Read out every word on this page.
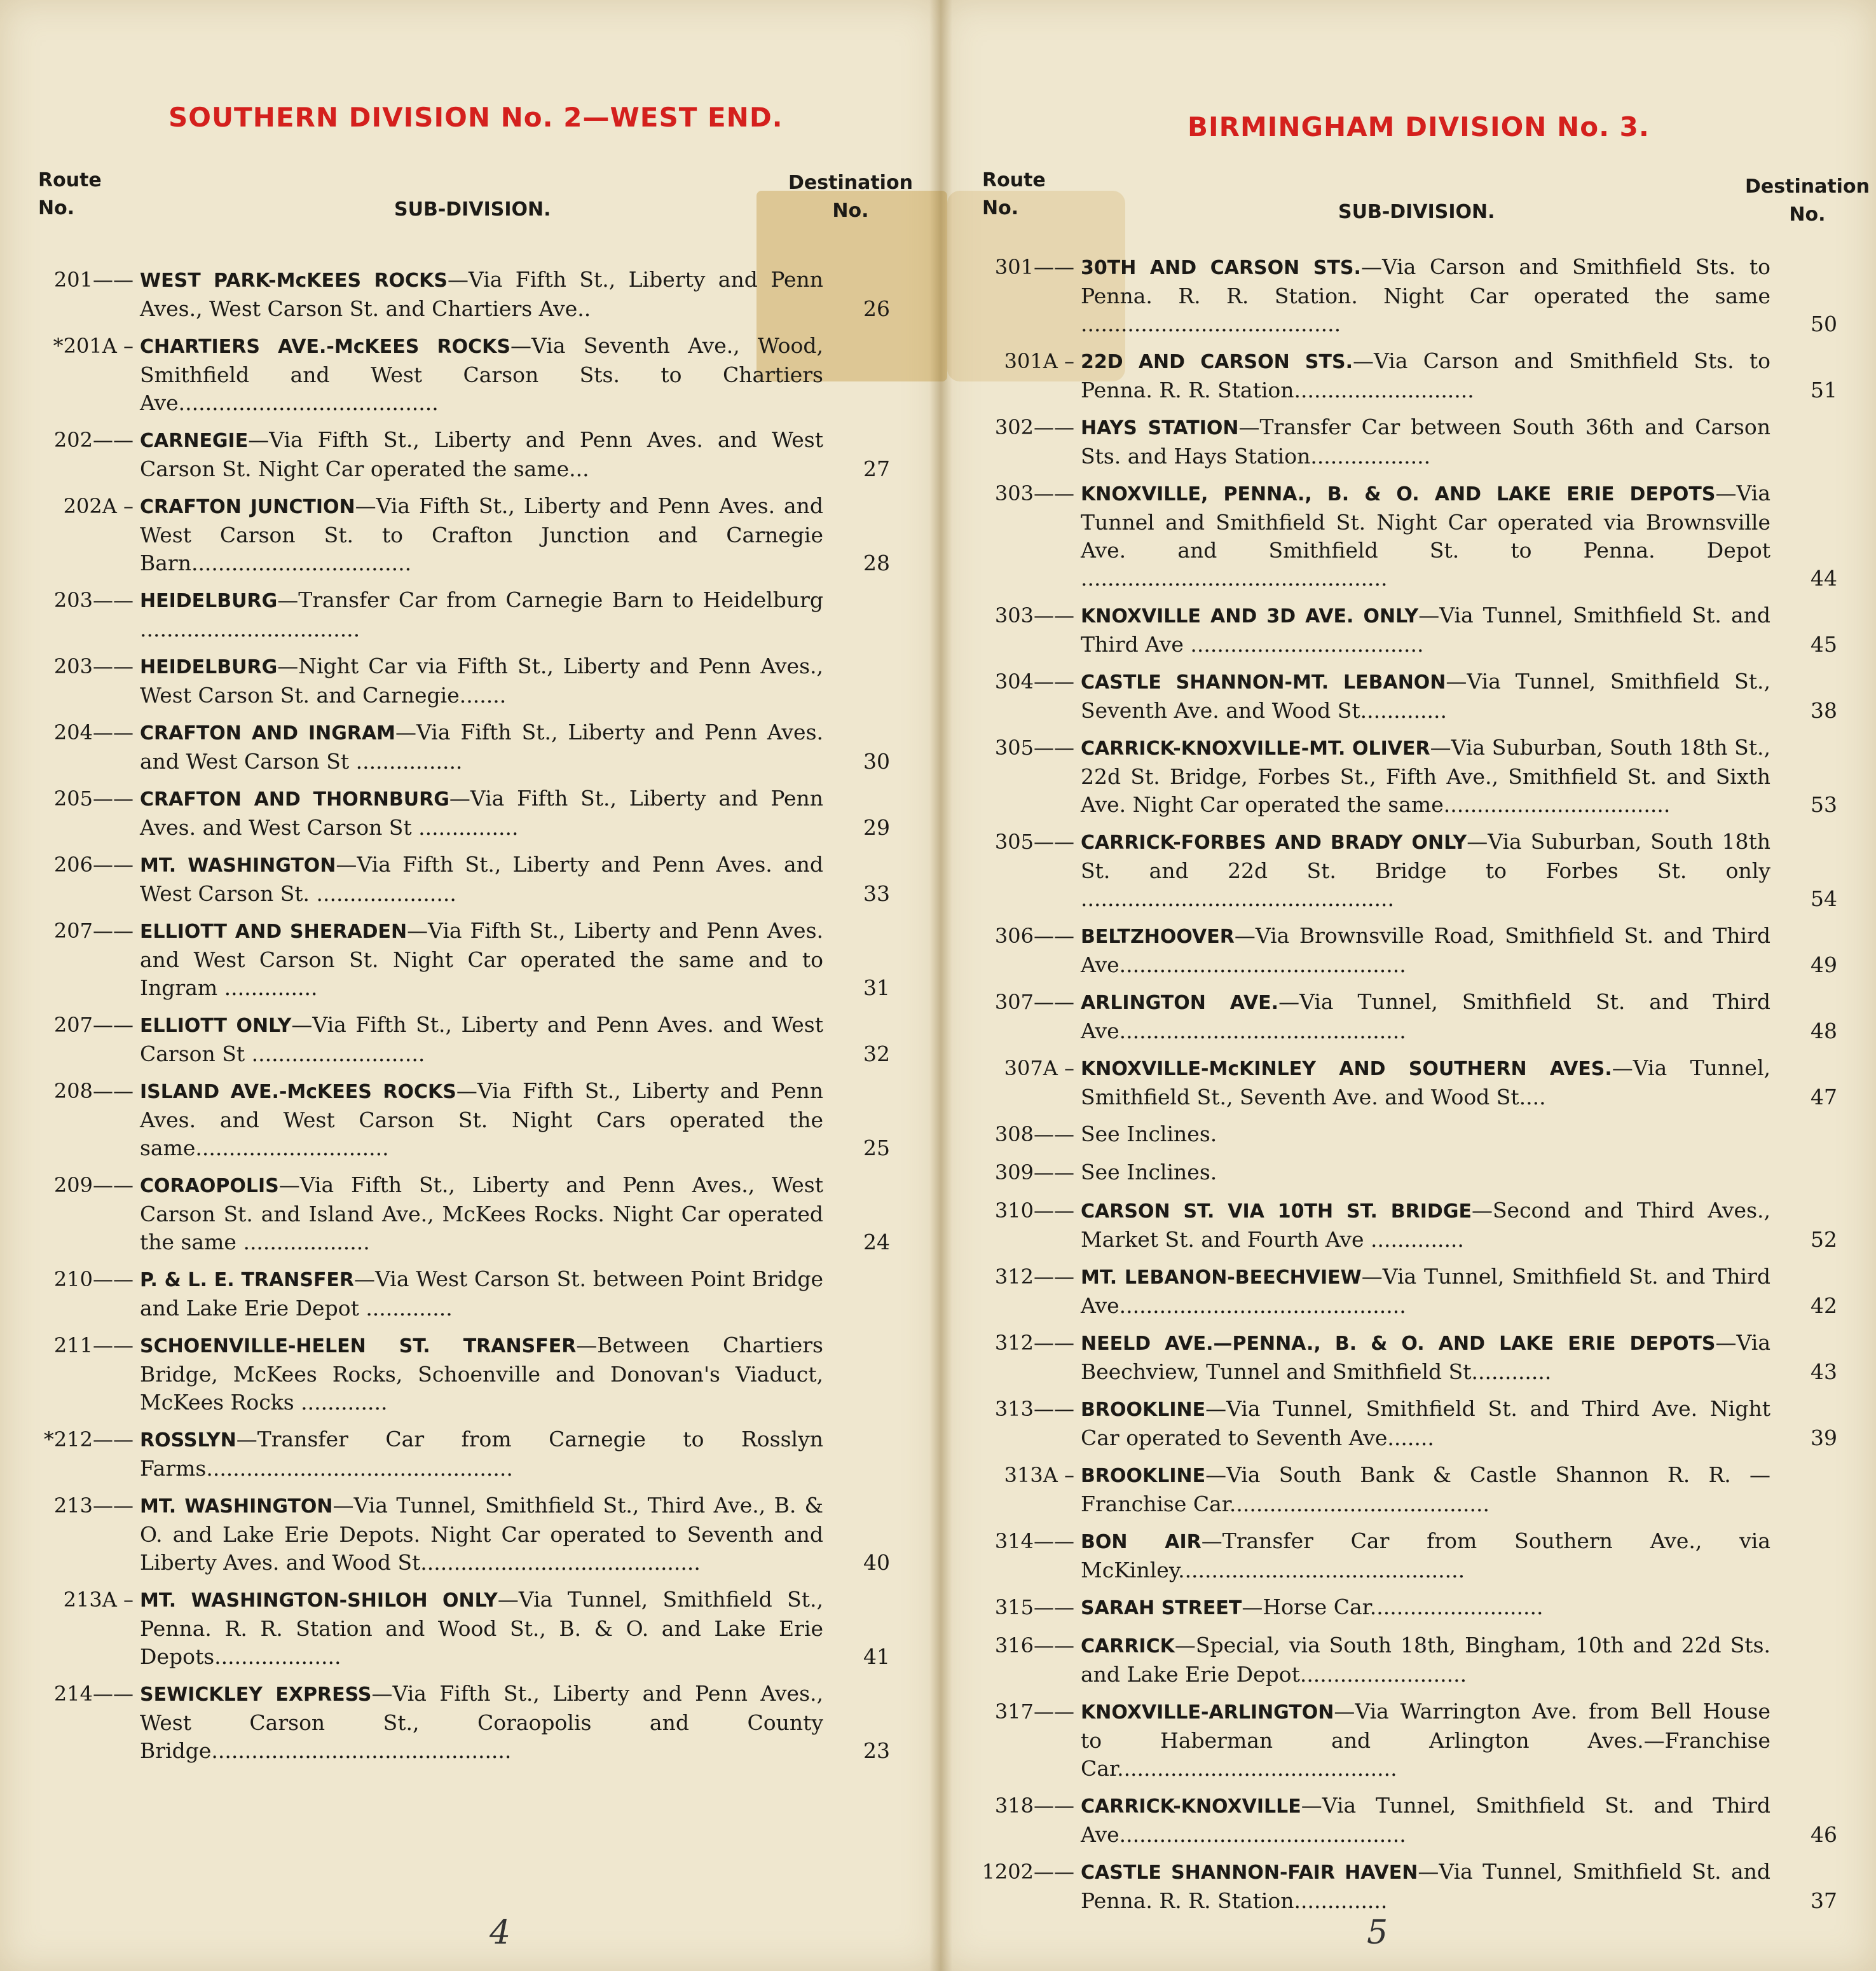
SOUTHERN DIVISION No. 2—WEST END.
Route
No.	SUB-DIVISION.
Destination
No.
201—— WEST PARK-McKEES ROCKS—Via Fifth St., Liberty and Penn Aves., West Carson St. and Chartiers Ave..	26
*201A – CHARTIERS AVE.-McKEES ROCKS—Via Seventh Ave., Wood, Smithfield and West Carson Sts. to Chartiers Ave.......................................
202—— CARNEGIE—Via Fifth St., Liberty and Penn Aves. and West Carson St. Night Car operated the same...	27
202A – CRAFTON JUNCTION—Via Fifth St., Liberty and Penn Aves. and West Carson St. to Crafton Junction and Carnegie Barn.................................	28
203—— HEIDELBURG—Transfer Car from Carnegie Barn to Heidelburg .................................
203—— HEIDELBURG—Night Car via Fifth St., Liberty and Penn Aves., West Carson St. and Carnegie.......
204—— CRAFTON AND INGRAM—Via Fifth St., Liberty and Penn Aves. and West Carson St ................	30
205—— CRAFTON AND THORNBURG—Via Fifth St., Liberty and Penn Aves. and West Carson St ...............	29
206—— MT. WASHINGTON—Via Fifth St., Liberty and Penn Aves. and West Carson St. .....................	33
207—— ELLIOTT AND SHERADEN—Via Fifth St., Liberty and Penn Aves. and West Carson St. Night Car operated the same and to Ingram ..............	31
207—— ELLIOTT ONLY—Via Fifth St., Liberty and Penn Aves. and West Carson St ..........................	32
208—— ISLAND AVE.-McKEES ROCKS—Via Fifth St., Liberty and Penn Aves. and West Carson St. Night Cars operated the same.............................	25
209—— CORAOPOLIS—Via Fifth St., Liberty and Penn Aves., West Carson St. and Island Ave., McKees Rocks. Night Car operated the same ...................	24
210—— P. & L. E. TRANSFER—Via West Carson St. between Point Bridge and Lake Erie Depot .............
211—— SCHOENVILLE-HELEN ST. TRANSFER—Between Chartiers Bridge, McKees Rocks, Schoenville and Donovan's Viaduct, McKees Rocks .............
*212—— ROSSLYN—Transfer Car from Carnegie to Rosslyn Farms..............................................
213—— MT. WASHINGTON—Via Tunnel, Smithfield St., Third Ave., B. & O. and Lake Erie Depots. Night Car operated to Seventh and Liberty Aves. and Wood St..........................................	40
213A – MT. WASHINGTON-SHILOH ONLY—Via Tunnel, Smithfield St., Penna. R. R. Station and Wood St., B. & O. and Lake Erie Depots...................	41
214—— SEWICKLEY EXPRESS—Via Fifth St., Liberty and Penn Aves., West Carson St., Coraopolis and County Bridge.............................................	23
4
BIRMINGHAM DIVISION No. 3.
Route
No.	SUB-DIVISION.
Destination
No.
301—— 30TH AND CARSON STS.—Via Carson and Smithfield Sts. to Penna. R. R. Station. Night Car operated the same .......................................	50
301A – 22D AND CARSON STS.—Via Carson and Smithfield Sts. to Penna. R. R. Station...........................	51
302—— HAYS STATION—Transfer Car between South 36th and Carson Sts. and Hays Station..................
303—— KNOXVILLE, PENNA., B. & O. AND LAKE ERIE DEPOTS—Via Tunnel and Smithfield St. Night Car operated via Brownsville Ave. and Smithfield St. to Penna. Depot ..............................................	44
303—— KNOXVILLE AND 3D AVE. ONLY—Via Tunnel, Smithfield St. and Third Ave ...................................	45
304—— CASTLE SHANNON-MT. LEBANON—Via Tunnel, Smithfield St., Seventh Ave. and Wood St.............	38
305—— CARRICK-KNOXVILLE-MT. OLIVER—Via Suburban, South 18th St., 22d St. Bridge, Forbes St., Fifth Ave., Smithfield St. and Sixth Ave. Night Car operated the same..................................	53
305—— CARRICK-FORBES AND BRADY ONLY—Via Suburban, South 18th St. and 22d St. Bridge to Forbes St. only ...............................................	54
306—— BELTZHOOVER—Via Brownsville Road, Smithfield St. and Third Ave...........................................	49
307—— ARLINGTON AVE.—Via Tunnel, Smithfield St. and Third Ave...........................................	48
307A – KNOXVILLE-McKINLEY AND SOUTHERN AVES.—Via Tunnel, Smithfield St., Seventh Ave. and Wood St....	47
308—— See Inclines.
309—— See Inclines.
310—— CARSON ST. VIA 10TH ST. BRIDGE—Second and Third Aves., Market St. and Fourth Ave ..............	52
312—— MT. LEBANON-BEECHVIEW—Via Tunnel, Smithfield St. and Third Ave...........................................	42
312—— NEELD AVE.—PENNA., B. & O. AND LAKE ERIE DEPOTS—Via Beechview, Tunnel and Smithfield St............	43
313—— BROOKLINE—Via Tunnel, Smithfield St. and Third Ave. Night Car operated to Seventh Ave.......	39
313A – BROOKLINE—Via South Bank & Castle Shannon R. R. —Franchise Car.......................................
314—— BON AIR—Transfer Car from Southern Ave., via McKinley...........................................
315—— SARAH STREET—Horse Car..........................
316—— CARRICK—Special, via South 18th, Bingham, 10th and 22d Sts. and Lake Erie Depot.........................
317—— KNOXVILLE-ARLINGTON—Via Warrington Ave. from Bell House to Haberman and Arlington Aves.—Franchise Car..........................................
318—— CARRICK-KNOXVILLE—Via Tunnel, Smithfield St. and Third Ave...........................................	46
1202—— CASTLE SHANNON-FAIR HAVEN—Via Tunnel, Smithfield St. and Penna. R. R. Station..............	37
5
